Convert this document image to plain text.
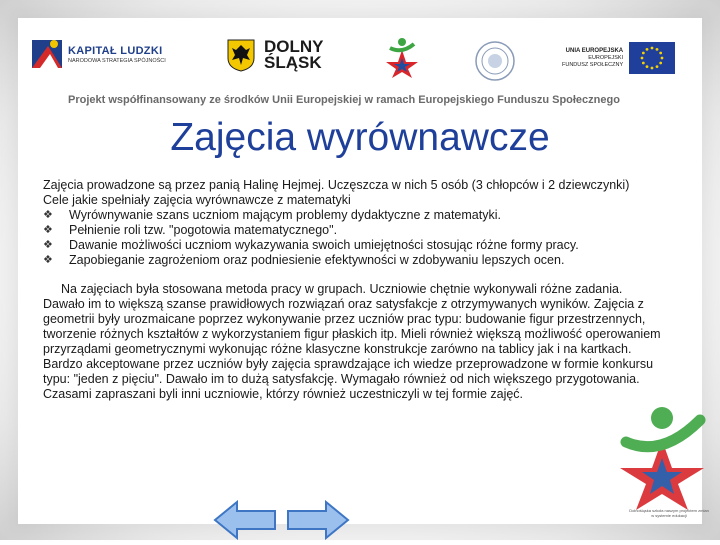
KAPITAŁ LUDZKI
NARODOWA STRATEGIA SPÓJNOŚCI
DOLNY
ŚLĄSK
UNIA EUROPEJSKA
EUROPEJSKI
FUNDUSZ SPOŁECZNY
Projekt współfinansowany ze środków Unii Europejskiej w ramach Europejskiego Funduszu Społecznego
Zajęcia wyrównawcze

Zajęcia prowadzone są przez panią Halinę Hejmej. Uczęszcza w nich 5 osób (3 chłopców i 2 dziewczynki)

Cele jakie spełniały zajęcia wyrównawcze z matematyki

❖	Wyrównywanie szans uczniom mającym problemy dydaktyczne z matematyki.
❖	Pełnienie roli tzw. "pogotowia matematycznego".
❖	Dawanie możliwości uczniom wykazywania swoich umiejętności stosując różne formy pracy.
❖	Zapobieganie zagrożeniom oraz podniesienie efektywności w zdobywaniu lepszych ocen.

Na zajęciach była stosowana metoda pracy w grupach. Uczniowie chętnie wykonywali różne zadania. Dawało im to większą szanse prawidłowych rozwiązań oraz satysfakcje z otrzymywanych wyników. Zajęcia z geometrii były urozmaicane poprzez wykonywanie przez uczniów prac typu: budowanie figur przestrzennych, tworzenie różnych kształtów z wykorzystaniem figur płaskich itp. Mieli również większą możliwość operowaniem przyrządami geometrycznymi wykonując różne klasyczne konstrukcje zarówno na tablicy jak i na kartkach. Bardzo akceptowane przez uczniów były zajęcia sprawdzające ich wiedze przeprowadzone w formie konkursu typu: "jeden z pięciu". Dawało im to dużą satysfakcję. Wymagało również od nich większego przygotowania. Czasami zapraszani byli inni uczniowie, którzy również uczestniczyli w tej formie zajęć.

Dolnośląska szkoła naszym projektem zmian w systemie edukacji
